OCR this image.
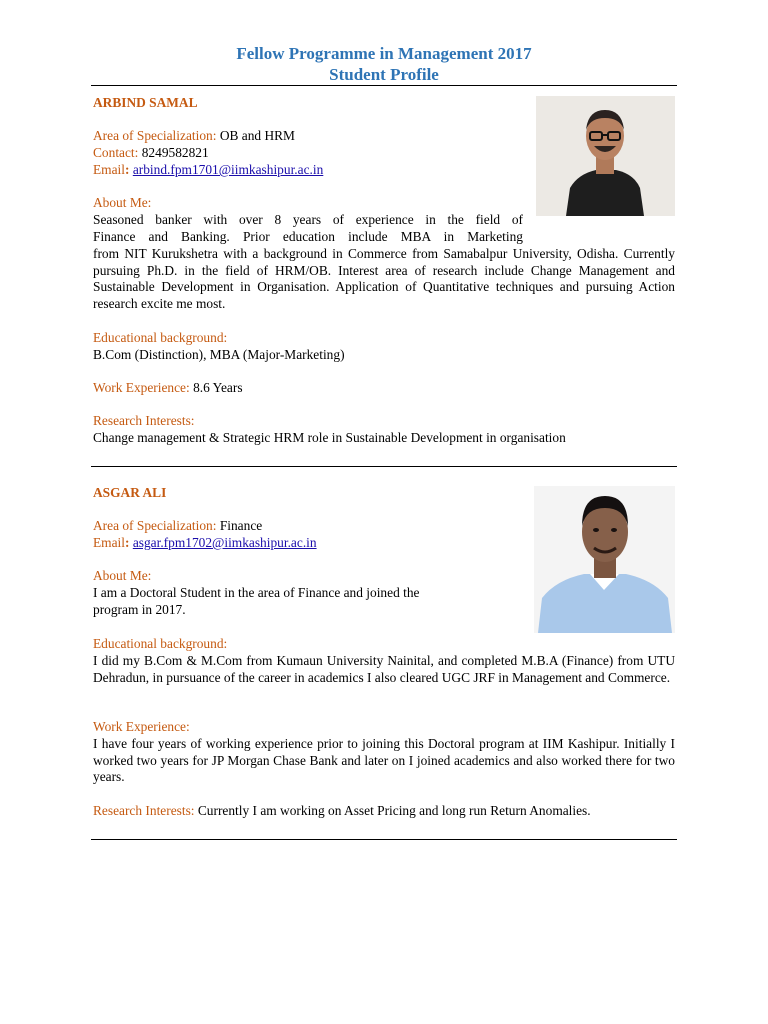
Fellow Programme in Management 2017
Student Profile
ARBIND SAMAL
Area of Specialization: OB and HRM
Contact: 8249582821
Email: arbind.fpm1701@iimkashipur.ac.in
About Me:
Seasoned banker with over 8 years of experience in the field of
Finance and Banking. Prior education include MBA in Marketing
from NIT Kurukshetra with a background in Commerce from Samabalpur University, Odisha. Currently pursuing Ph.D. in the field of HRM/OB. Interest area of research include Change Management and Sustainable Development in Organisation. Application of Quantitative techniques and pursuing Action research excite me most.
Educational background:
B.Com (Distinction), MBA (Major-Marketing)
Work Experience: 8.6 Years
Research Interests:
Change management & Strategic HRM role in Sustainable Development in organisation
ASGAR ALI
Area of Specialization: Finance
Email: asgar.fpm1702@iimkashipur.ac.in
About Me:
I am a Doctoral Student in the area of Finance and joined the
program in 2017.
Educational background:
I did my B.Com & M.Com from Kumaun University Nainital, and completed M.B.A (Finance) from UTU Dehradun, in pursuance of the career in academics I also cleared UGC JRF in Management and Commerce.
Work Experience:
I have four years of working experience prior to joining this Doctoral program at IIM Kashipur. Initially I worked two years for JP Morgan Chase Bank and later on I joined academics and also worked there for two years.
Research Interests: Currently I am working on Asset Pricing and long run Return Anomalies.
